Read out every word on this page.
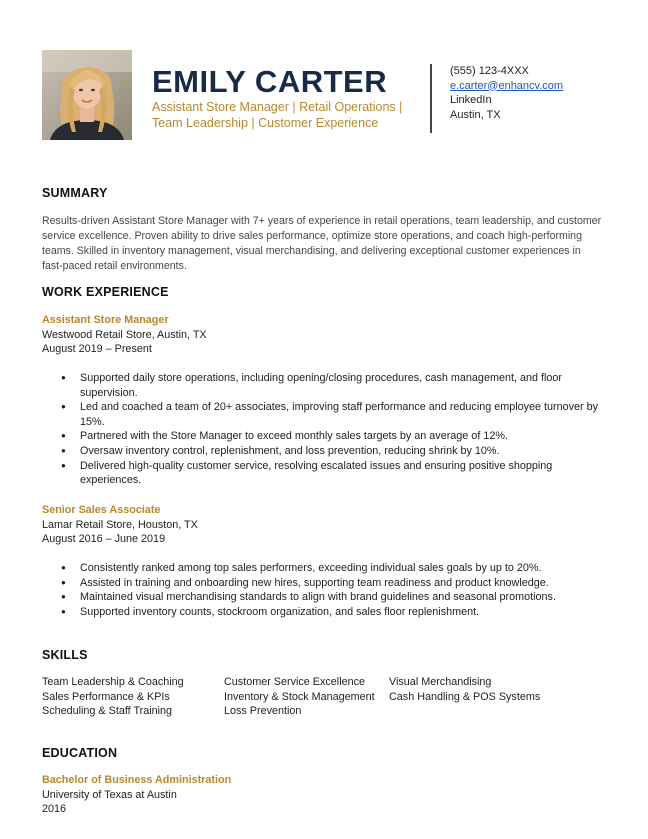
EMILY CARTER

Assistant Store Manager | Retail Operations | Team Leadership | Customer Experience

(555) 123-4XXX
e.carter@enhancv.com
LinkedIn
Austin, TX
SUMMARY

Results-driven Assistant Store Manager with 7+ years of experience in retail operations, team leadership, and customer service excellence. Proven ability to drive sales performance, optimize store operations, and coach high-performing teams. Skilled in inventory management, visual merchandising, and delivering exceptional customer experiences in fast-paced retail environments.

WORK EXPERIENCE
Assistant Store Manager
Westwood Retail Store, Austin, TX
August 2019 – Present
● Supported daily store operations, including opening/closing procedures, cash management, and floor supervision.
● Led and coached a team of 20+ associates, improving staff performance and reducing employee turnover by 15%.
● Partnered with the Store Manager to exceed monthly sales targets by an average of 12%.
● Oversaw inventory control, replenishment, and loss prevention, reducing shrink by 10%.
● Delivered high-quality customer service, resolving escalated issues and ensuring positive shopping experiences.
Senior Sales Associate
Lamar Retail Store, Houston, TX
August 2016 – June 2019
● Consistently ranked among top sales performers, exceeding individual sales goals by up to 20%.
● Assisted in training and onboarding new hires, supporting team readiness and product knowledge.
● Maintained visual merchandising standards to align with brand guidelines and seasonal promotions.
● Supported inventory counts, stockroom organization, and sales floor replenishment.
SKILLS
Team Leadership & Coaching
Sales Performance & KPIs
Scheduling & Staff Training
Customer Service Excellence
Inventory & Stock Management
Loss Prevention
Visual Merchandising
Cash Handling & POS Systems
EDUCATION
Bachelor of Business Administration
University of Texas at Austin
2016
